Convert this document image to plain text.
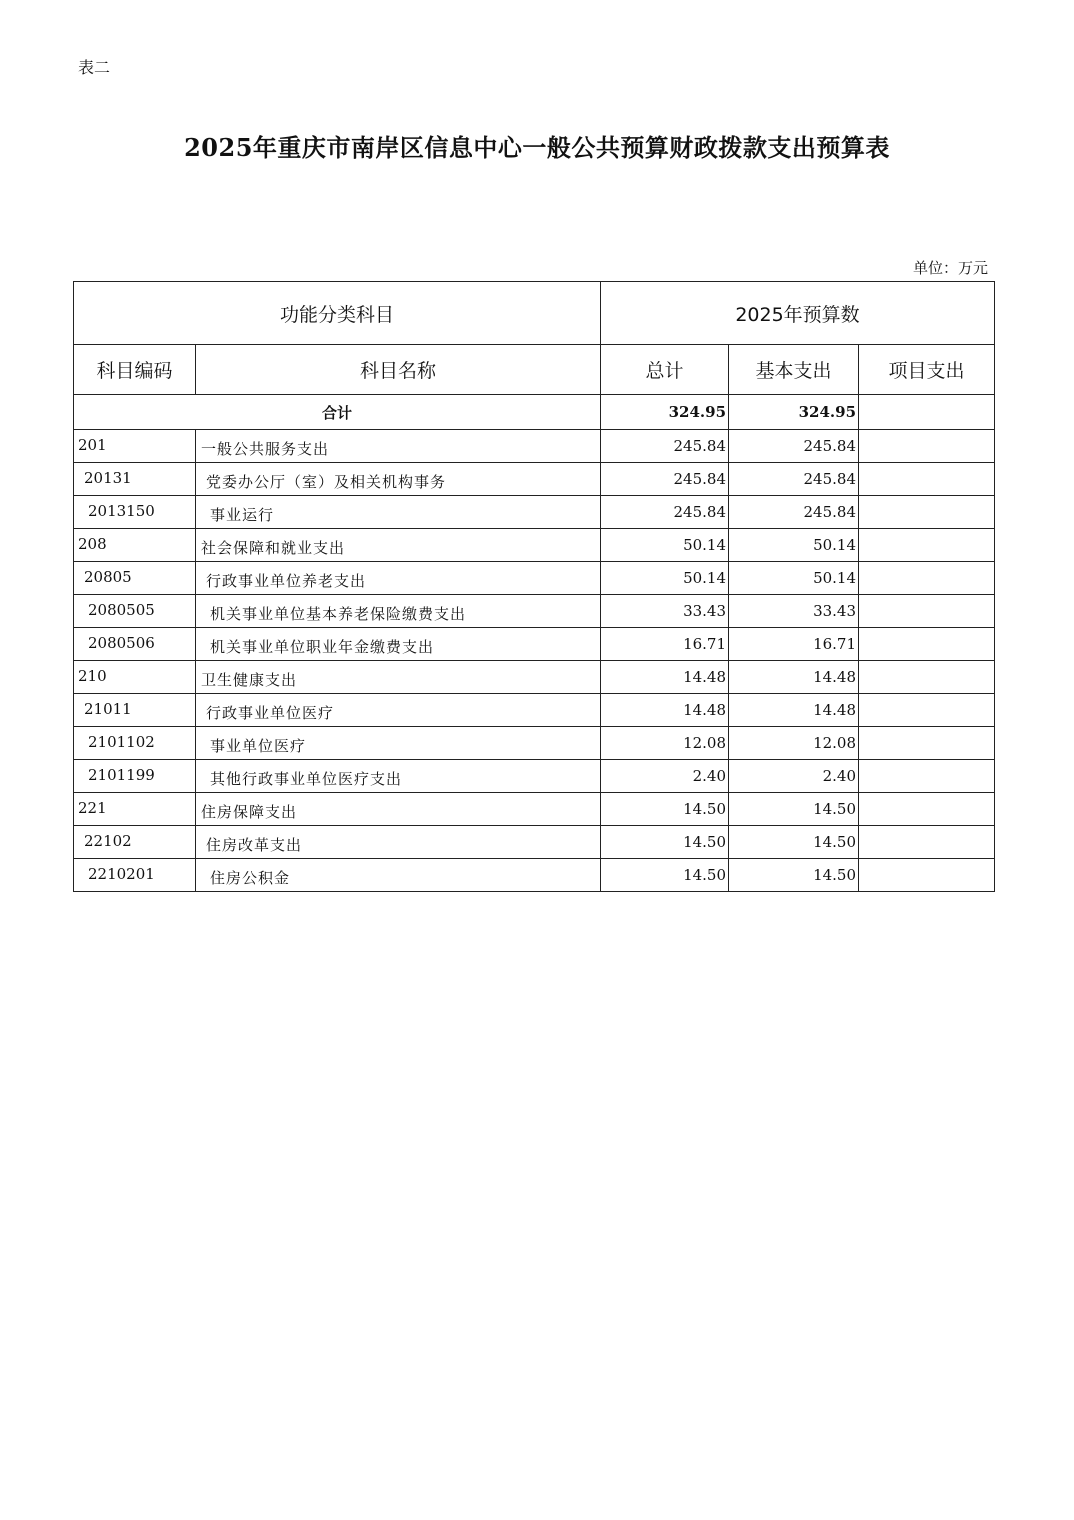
表二
2025年重庆市南岸区信息中心一般公共预算财政拨款支出预算表
单位：万元
功能分类科目		2025年预算数		
科目编码	科目名称	总计	基本支出	项目支出
合计		324.95	324.95	
201	一般公共服务支出	245.84	245.84	
20131	党委办公厅（室）及相关机构事务	245.84	245.84	
2013150	事业运行	245.84	245.84	
208	社会保障和就业支出	50.14	50.14	
20805	行政事业单位养老支出	50.14	50.14	
2080505	机关事业单位基本养老保险缴费支出	33.43	33.43	
2080506	机关事业单位职业年金缴费支出	16.71	16.71	
210	卫生健康支出	14.48	14.48	
21011	行政事业单位医疗	14.48	14.48	
2101102	事业单位医疗	12.08	12.08	
2101199	其他行政事业单位医疗支出	2.40	2.40	
221	住房保障支出	14.50	14.50	
22102	住房改革支出	14.50	14.50	
2210201	住房公积金	14.50	14.50	
